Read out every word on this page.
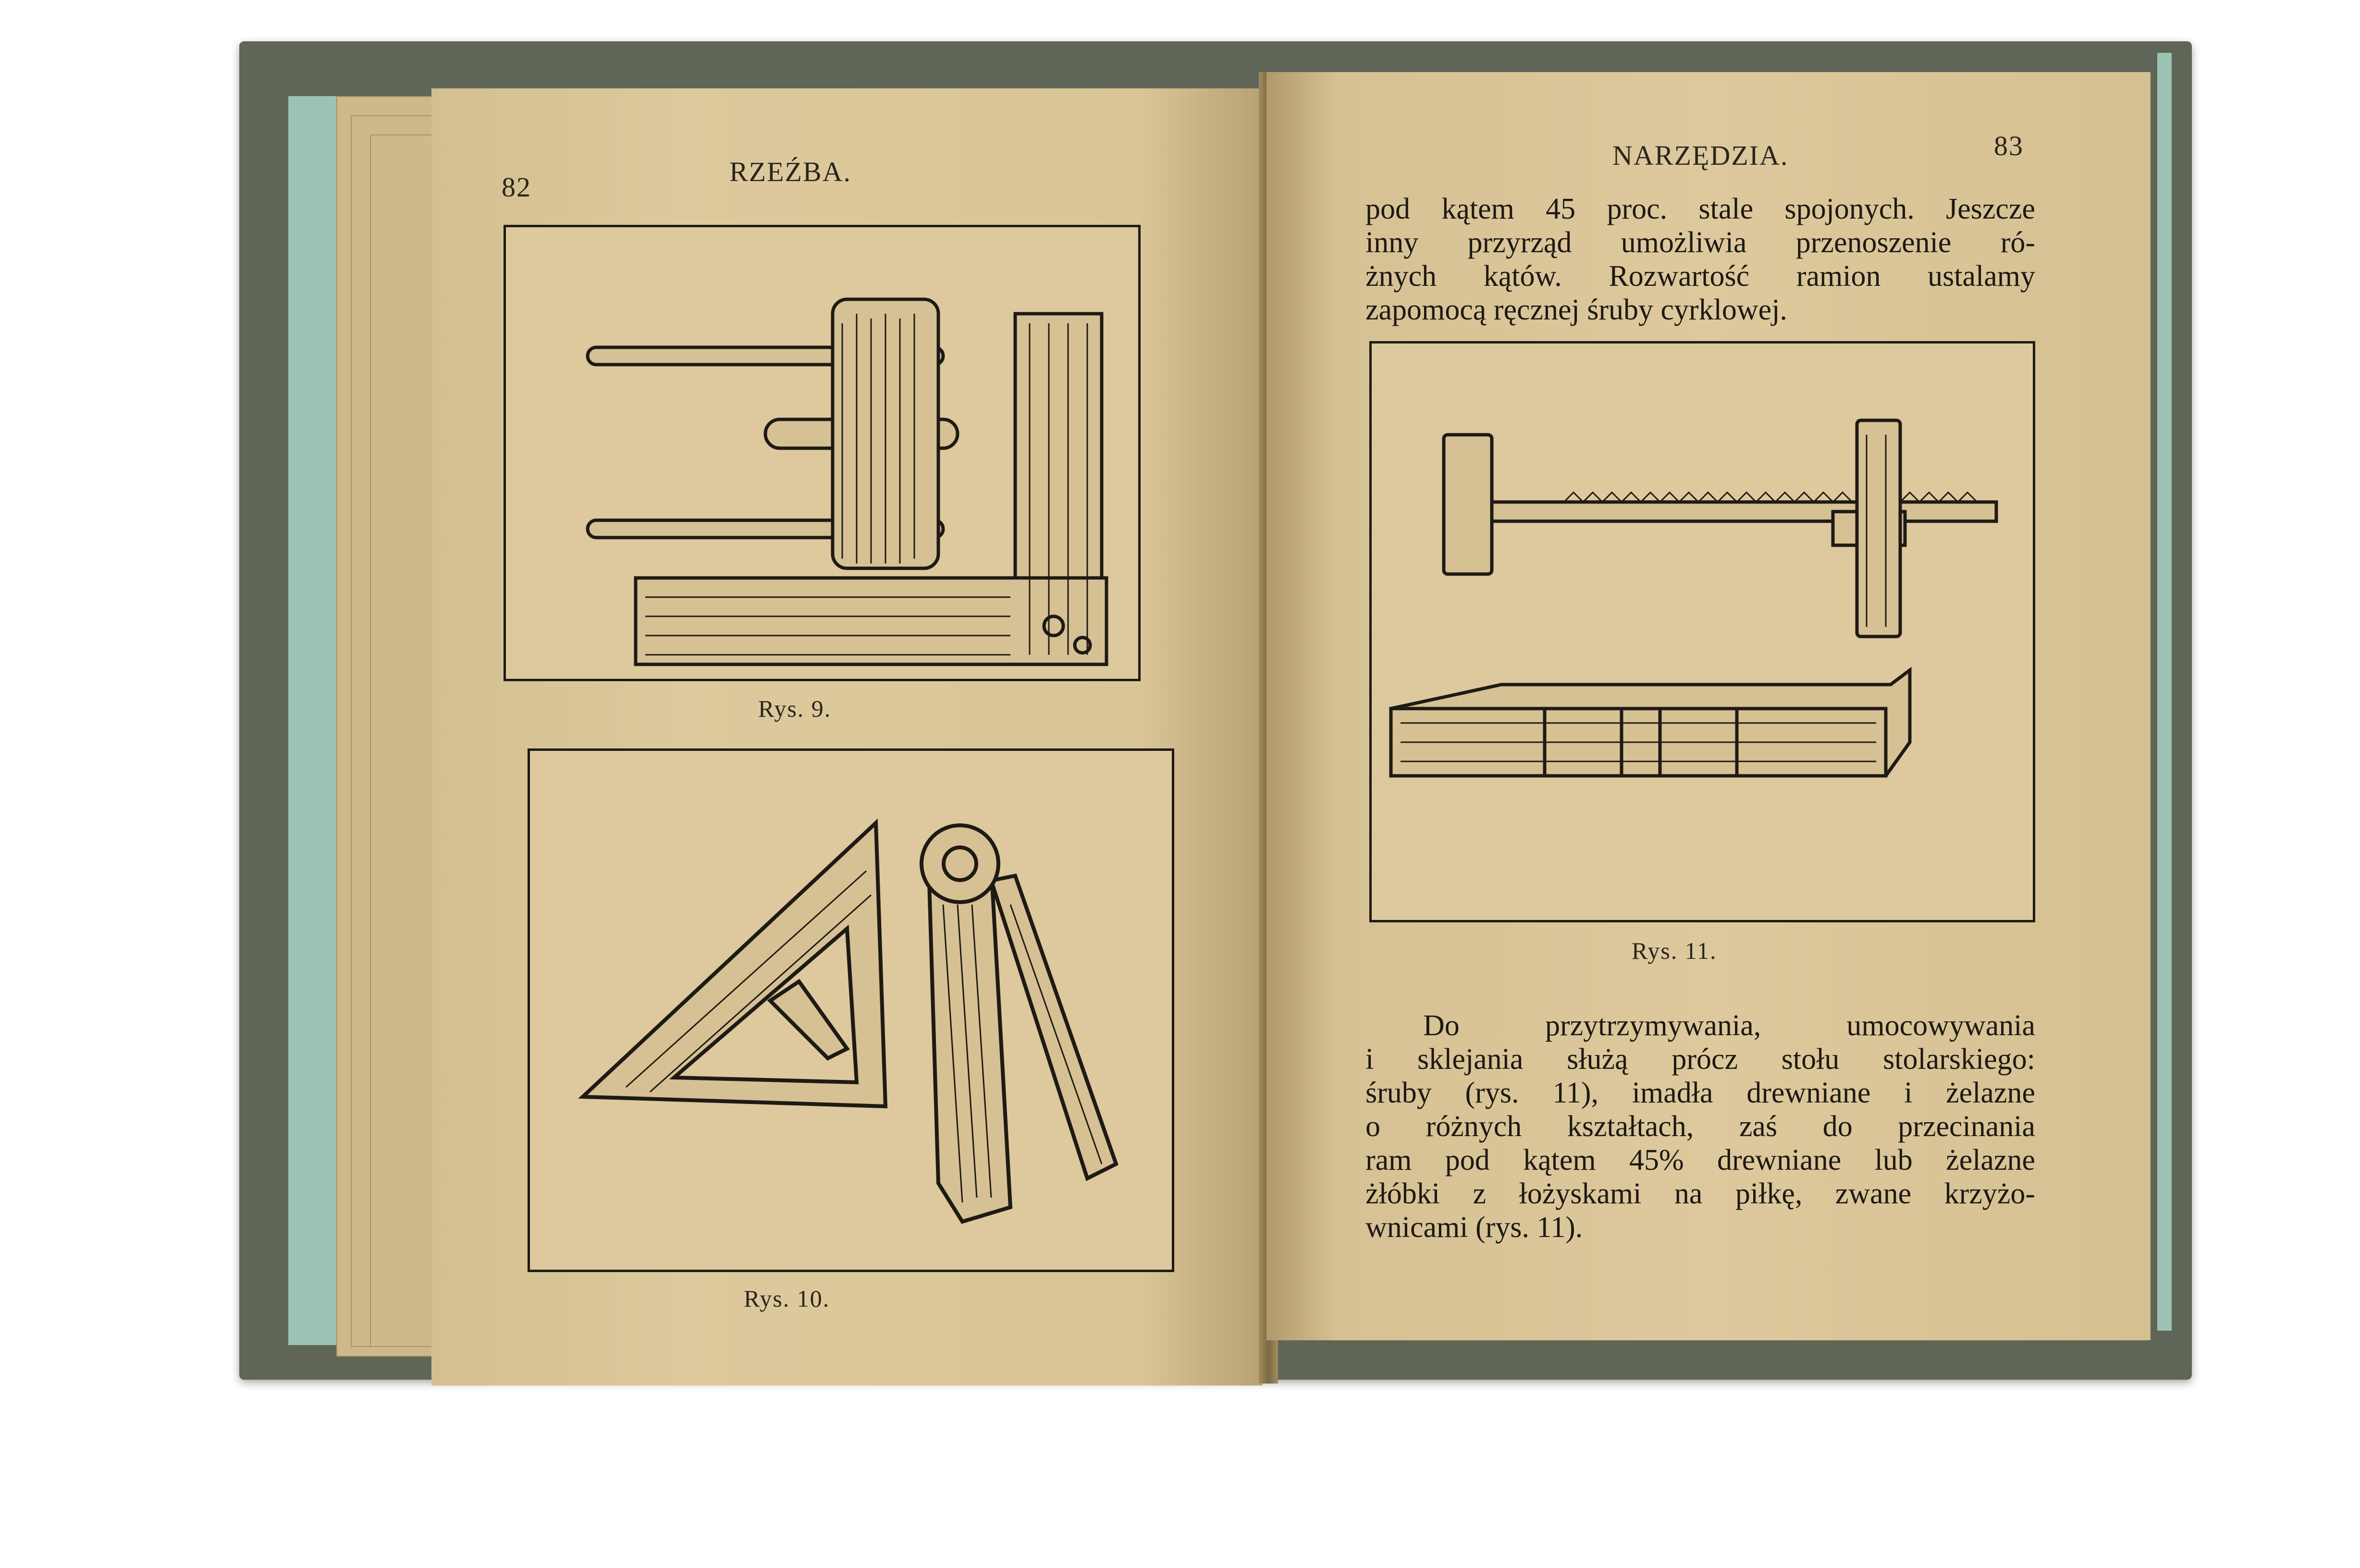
82	RZEŹBA.
Rys. 9.
Rys. 10.
NARZĘDZIA.	83
pod kątem 45 proc. stale spojonych. Jeszcze
inny przyrząd umożliwia przenoszenie ró-
żnych kątów. Rozwartość ramion ustalamy
zapomocą ręcznej śruby cyrklowej.
Rys. 11.
Do przytrzymywania, umocowywania
i sklejania służą prócz stołu stolarskiego:
śruby (rys. 11), imadła drewniane i żelazne
o różnych kształtach, zaś do przecinania
ram pod kątem 45% drewniane lub żelazne
żłóbki z łożyskami na piłkę, zwane krzyżo-
wnicami (rys. 11).
